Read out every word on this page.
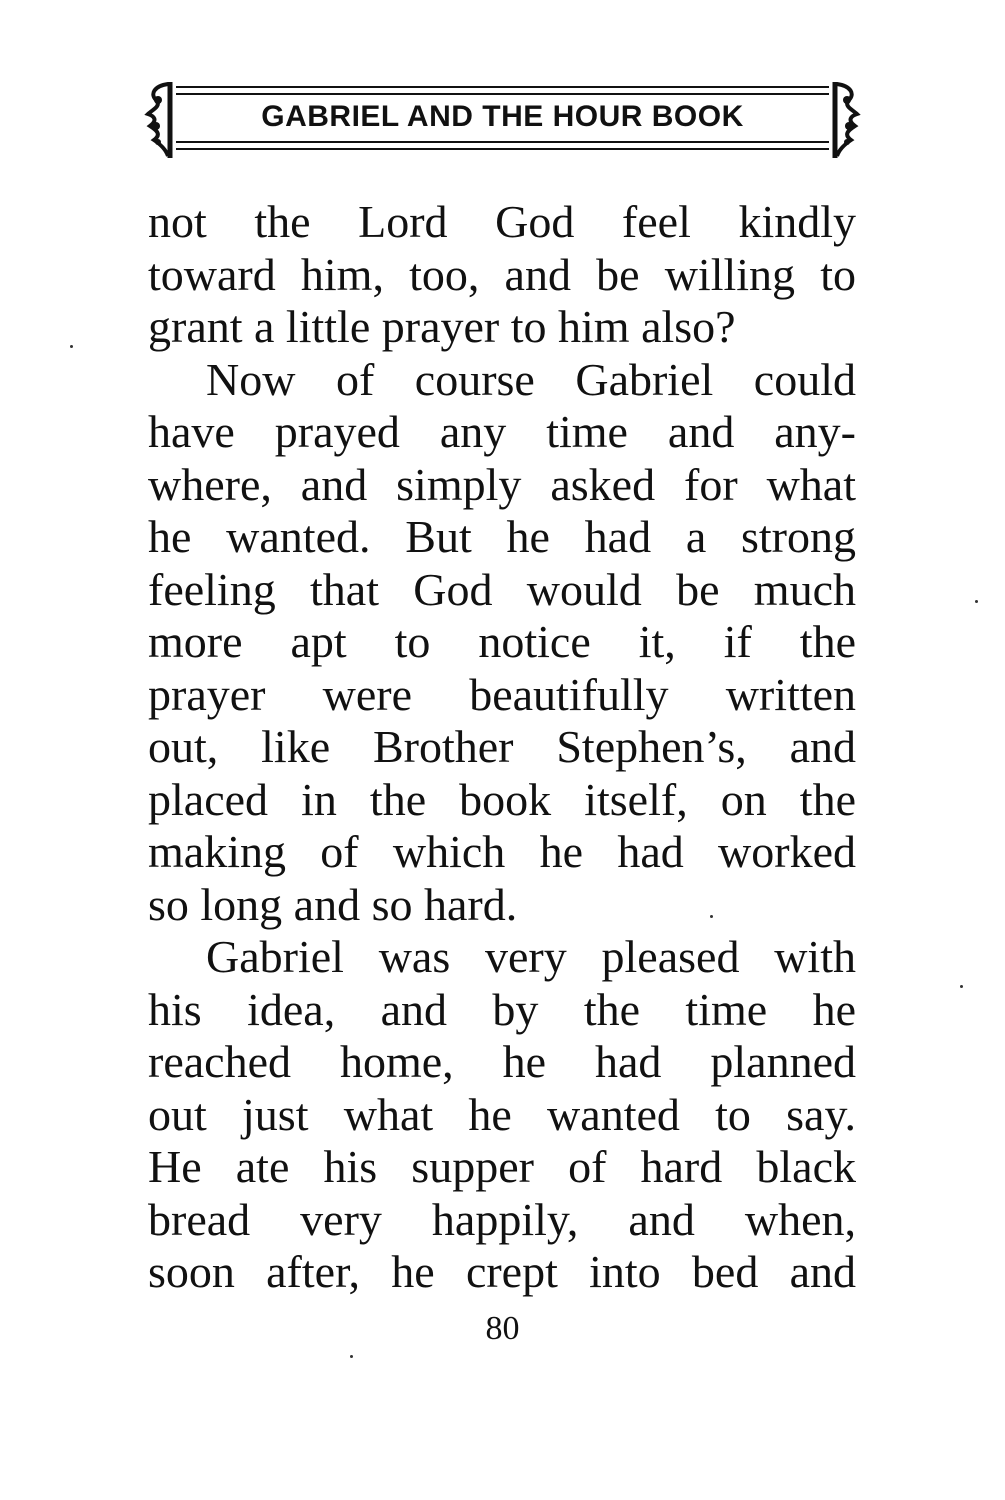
GABRIEL AND THE HOUR BOOK
not the Lord God feel kindly
toward him, too, and be willing to
grant a little prayer to him also?
Now of course Gabriel could
have prayed any time and any-
where, and simply asked for what
he wanted. But he had a strong
feeling that God would be much
more apt to notice it, if the
prayer were beautifully written
out, like Brother Stephen’s, and
placed in the book itself, on the
making of which he had worked
so long and so hard.
Gabriel was very pleased with
his idea, and by the time he
reached home, he had planned
out just what he wanted to say.
He ate his supper of hard black
bread very happily, and when,
soon after, he crept into bed and
80
